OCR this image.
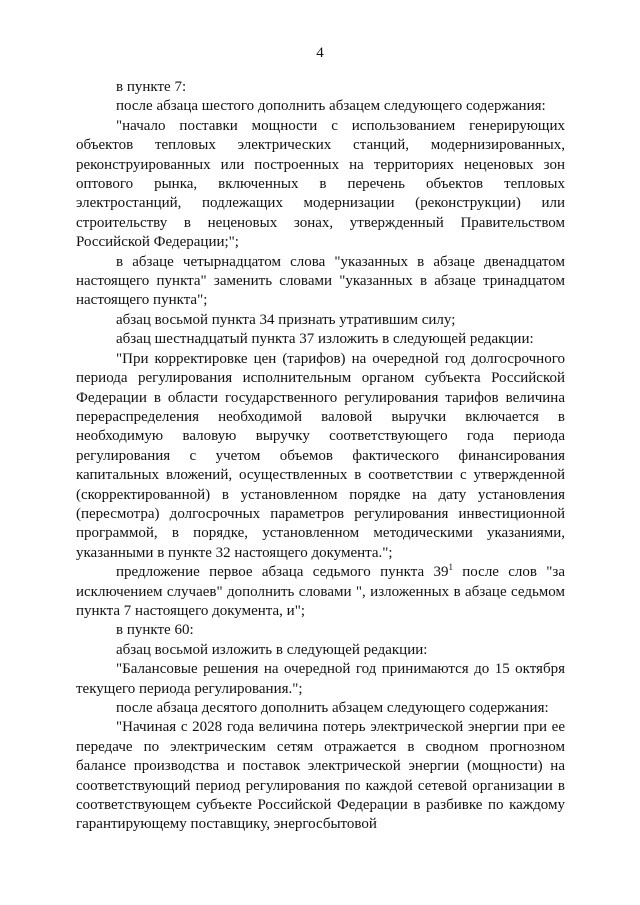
4

в пункте 7:

после абзаца шестого дополнить абзацем следующего содержания:

"начало поставки мощности с использованием генерирующих объектов тепловых электрических станций, модернизированных, реконструированных или построенных на территориях неценовых зон оптового рынка, включенных в перечень объектов тепловых электростанций, подлежащих модернизации (реконструкции) или строительству в неценовых зонах, утвержденный Правительством Российской Федерации;";

в абзаце четырнадцатом слова "указанных в абзаце двенадцатом настоящего пункта" заменить словами "указанных в абзаце тринадцатом настоящего пункта";

абзац восьмой пункта 34 признать утратившим силу;

абзац шестнадцатый пункта 37 изложить в следующей редакции:

"При корректировке цен (тарифов) на очередной год долгосрочного периода регулирования исполнительным органом субъекта Российской Федерации в области государственного регулирования тарифов величина перераспределения необходимой валовой выручки включается в необходимую валовую выручку соответствующего года периода регулирования с учетом объемов фактического финансирования капитальных вложений, осуществленных в соответствии с утвержденной (скорректированной) в установленном порядке на дату установления (пересмотра) долгосрочных параметров регулирования инвестиционной программой, в порядке, установленном методическими указаниями, указанными в пункте 32 настоящего документа.";

предложение первое абзаца седьмого пункта $39^1$ после слов "за исключением случаев" дополнить словами ", изложенных в абзаце седьмом пункта 7 настоящего документа, и";

в пункте 60:

абзац восьмой изложить в следующей редакции:

"Балансовые решения на очередной год принимаются до 15 октября текущего периода регулирования.";

после абзаца десятого дополнить абзацем следующего содержания:

"Начиная с 2028 года величина потерь электрической энергии при ее передаче по электрическим сетям отражается в сводном прогнозном балансе производства и поставок электрической энергии (мощности) на соответствующий период регулирования по каждой сетевой организации в соответствующем субъекте Российской Федерации в разбивке по каждому гарантирующему поставщику, энергосбытовой
